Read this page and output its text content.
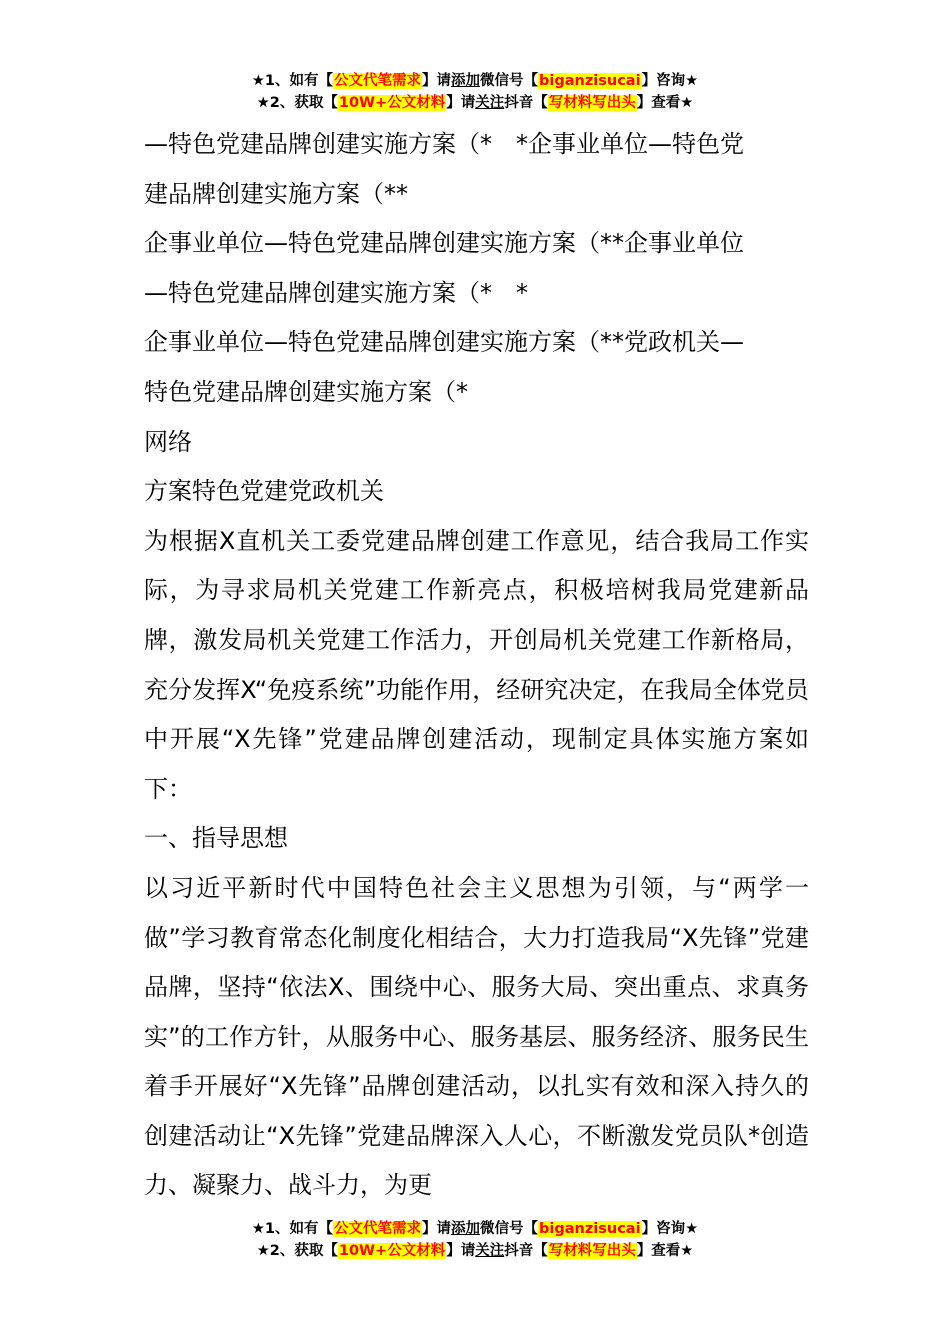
★1、如有【公文代笔需求】请添加微信号【biganzisucai】咨询★
★2、获取【10W+公文材料】请关注抖音【写材料写出头】查看★

—特色党建品牌创建实施方案（*　*企事业单位—特色党

建品牌创建实施方案（**

企事业单位—特色党建品牌创建实施方案（**企事业单位

—特色党建品牌创建实施方案（*　*

企事业单位—特色党建品牌创建实施方案（**党政机关—

特色党建品牌创建实施方案（*

网络

方案特色党建党政机关

为根据X直机关工委党建品牌创建工作意见，结合我局工作实际，为寻求局机关党建工作新亮点，积极培树我局党建新品牌，激发局机关党建工作活力，开创局机关党建工作新格局，充分发挥X“免疫系统”功能作用，经研究决定，在我局全体党员中开展“X先锋”党建品牌创建活动，现制定具体实施方案如下：

一、指导思想

以习近平新时代中国特色社会主义思想为引领，与“两学一做”学习教育常态化制度化相结合，大力打造我局“X先锋”党建品牌，坚持“依法X、围绕中心、服务大局、突出重点、求真务实”的工作方针，从服务中心、服务基层、服务经济、服务民生着手开展好“X先锋”品牌创建活动，以扎实有效和深入持久的创建活动让“X先锋”党建品牌深入人心，不断激发党员队*创造力、凝聚力、战斗力，为更

★1、如有【公文代笔需求】请添加微信号【biganzisucai】咨询★
★2、获取【10W+公文材料】请关注抖音【写材料写出头】查看★
